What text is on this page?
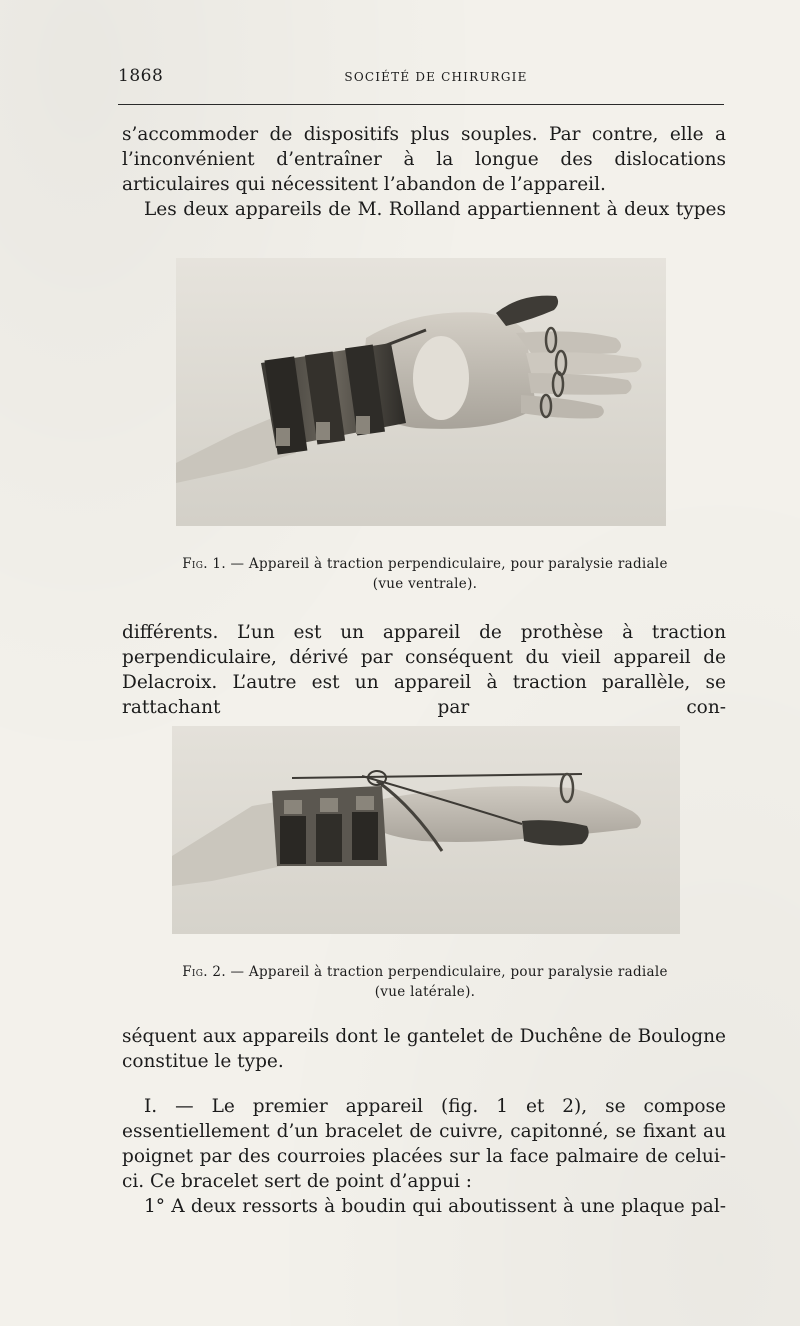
1868	SOCIÉTÉ DE CHIRURGIE

s’accommoder de dispositifs plus souples. Par contre, elle a l’inconvénient d’entraîner à la longue des dislocations articulaires qui nécessitent l’abandon de l’appareil.

Les deux appareils de M. Rolland appartiennent à deux types

Fig. 1. — Appareil à traction perpendiculaire, pour paralysie radiale
(vue ventrale).

différents. L’un est un appareil de prothèse à traction perpendiculaire, dérivé par conséquent du vieil appareil de Delacroix. L’autre est un appareil à traction parallèle, se rattachant par con-

Fig. 2. — Appareil à traction perpendiculaire, pour paralysie radiale
(vue latérale).

séquent aux appareils dont le gantelet de Duchêne de Boulogne constitue le type.

I. — Le premier appareil (fig. 1 et 2), se compose essentiellement d’un bracelet de cuivre, capitonné, se fixant au poignet par des courroies placées sur la face palmaire de celui-ci. Ce bracelet sert de point d’appui :

1° A deux ressorts à boudin qui aboutissent à une plaque pal-
